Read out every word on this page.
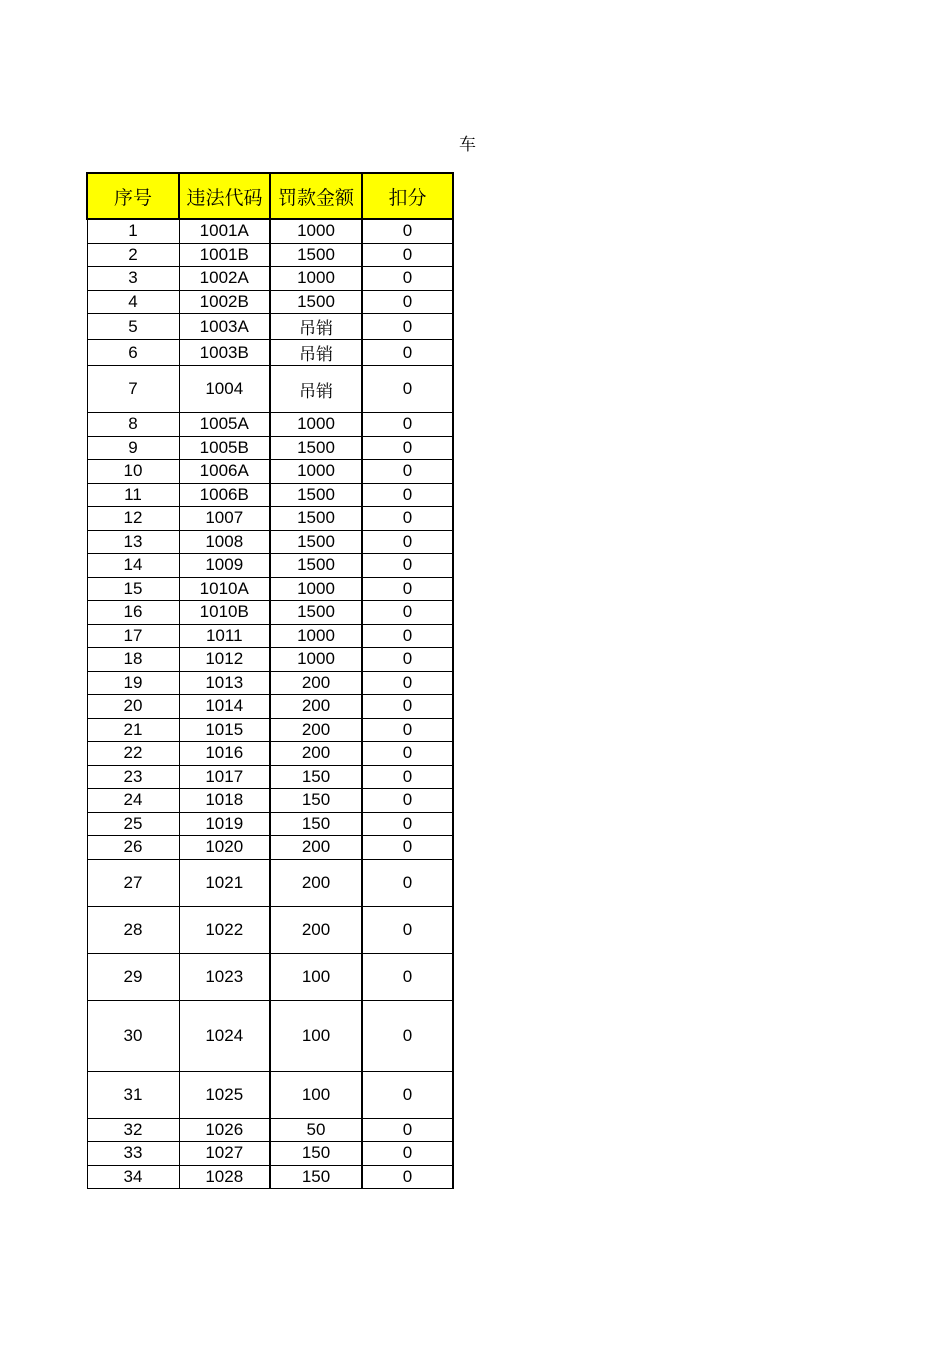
车
序号	违法代码	罚款金额	扣分
1	1001A	1000	0
2	1001B	1500	0
3	1002A	1000	0
4	1002B	1500	0
5	1003A	吊销	0
6	1003B	吊销	0
7	1004	吊销	0
8	1005A	1000	0
9	1005B	1500	0
10	1006A	1000	0
11	1006B	1500	0
12	1007	1500	0
13	1008	1500	0
14	1009	1500	0
15	1010A	1000	0
16	1010B	1500	0
17	1011	1000	0
18	1012	1000	0
19	1013	200	0
20	1014	200	0
21	1015	200	0
22	1016	200	0
23	1017	150	0
24	1018	150	0
25	1019	150	0
26	1020	200	0
27	1021	200	0
28	1022	200	0
29	1023	100	0
30	1024	100	0
31	1025	100	0
32	1026	50	0
33	1027	150	0
34	1028	150	0
